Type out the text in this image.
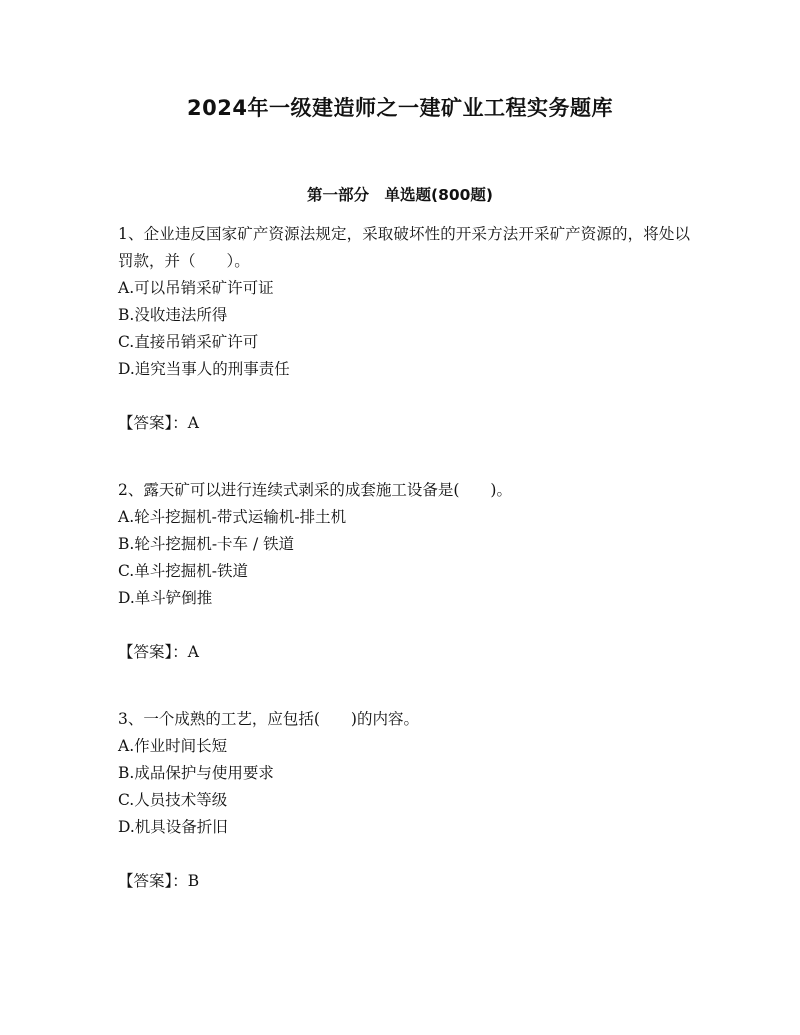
2024年一级建造师之一建矿业工程实务题库
第一部分　单选题(800题)

1、企业违反国家矿产资源法规定，采取破坏性的开采方法开采矿产资源的，将处以罚款，并（　　）。

A.可以吊销采矿许可证

B.没收违法所得

C.直接吊销采矿许可

D.追究当事人的刑事责任

【答案】：A

2、露天矿可以进行连续式剥采的成套施工设备是(　　)。

A.轮斗挖掘机-带式运输机-排土机

B.轮斗挖掘机-卡车 / 铁道

C.单斗挖掘机-铁道

D.单斗铲倒推

【答案】：A

3、一个成熟的工艺，应包括(　　)的内容。

A.作业时间长短

B.成品保护与使用要求

C.人员技术等级

D.机具设备折旧

【答案】：B
